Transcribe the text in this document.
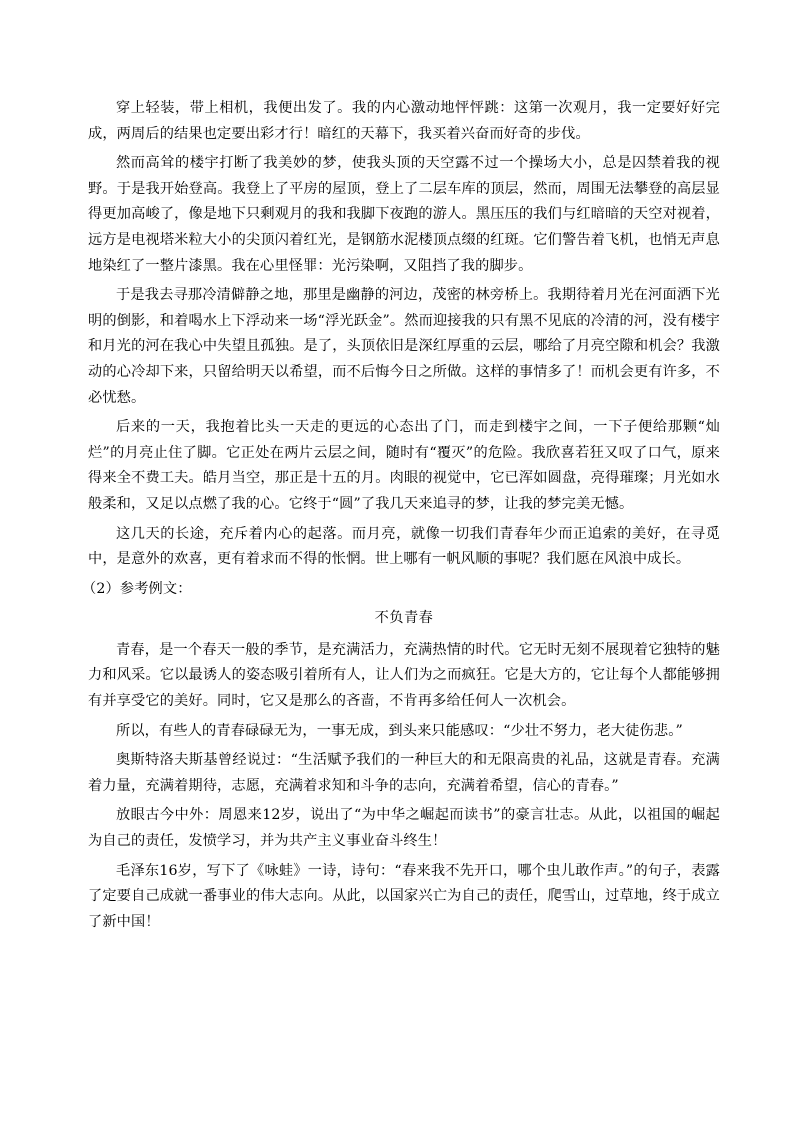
穿上轻装，带上相机，我便出发了。我的内心激动地怦怦跳：这第一次观月，我一定要好好完成，两周后的结果也定要出彩才行！暗红的天幕下，我买着兴奋而好奇的步伐。

然而高耸的楼宇打断了我美妙的梦，使我头顶的天空露不过一个操场大小，总是囚禁着我的视野。于是我开始登高。我登上了平房的屋顶，登上了二层车库的顶层，然而，周围无法攀登的高层显得更加高峻了，像是地下只剩观月的我和我脚下夜跑的游人。黑压压的我们与红暗暗的天空对视着，远方是电视塔米粒大小的尖顶闪着红光，是钢筋水泥楼顶点缀的红斑。它们警告着飞机，也悄无声息地染红了一整片漆黑。我在心里怪罪：光污染啊，又阻挡了我的脚步。

于是我去寻那冷清僻静之地，那里是幽静的河边，茂密的林旁桥上。我期待着月光在河面洒下光明的倒影，和着喝水上下浮动来一场“浮光跃金”。然而迎接我的只有黑不见底的冷清的河，没有楼宇和月光的河在我心中失望且孤独。是了，头顶依旧是深红厚重的云层，哪给了月亮空隙和机会？我激动的心冷却下来，只留给明天以希望，而不后悔今日之所做。这样的事情多了！而机会更有许多，不必忧愁。

后来的一天，我抱着比头一天走的更远的心态出了门，而走到楼宇之间，一下子便给那颗“灿烂”的月亮止住了脚。它正处在两片云层之间，随时有“覆灭”的危险。我欣喜若狂又叹了口气，原来得来全不费工夫。皓月当空，那正是十五的月。肉眼的视觉中，它已浑如圆盘，亮得璀璨；月光如水般柔和，又足以点燃了我的心。它终于“圆”了我几天来追寻的梦，让我的梦完美无憾。

这几天的长途，充斥着内心的起落。而月亮，就像一切我们青春年少而正追索的美好，在寻觅中，是意外的欢喜，更有着求而不得的怅惘。世上哪有一帆风顺的事呢？我们愿在风浪中成长。

（2）参考例文：

不负青春

青春，是一个春天一般的季节，是充满活力，充满热情的时代。它无时无刻不展现着它独特的魅力和风采。它以最诱人的姿态吸引着所有人，让人们为之而疯狂。它是大方的，它让每个人都能够拥有并享受它的美好。同时，它又是那么的吝啬，不肯再多给任何人一次机会。

所以，有些人的青春碌碌无为，一事无成，到头来只能感叹：“少壮不努力，老大徒伤悲。”

奥斯特洛夫斯基曾经说过：“生活赋予我们的一种巨大的和无限高贵的礼品，这就是青春。充满着力量，充满着期待，志愿，充满着求知和斗争的志向，充满着希望，信心的青春。”

放眼古今中外：周恩来12岁，说出了“为中华之崛起而读书”的豪言壮志。从此，以祖国的崛起为自己的责任，发愤学习，并为共产主义事业奋斗终生！

毛泽东16岁，写下了《咏蛙》一诗，诗句：“春来我不先开口，哪个虫儿敢作声。”的句子，表露了定要自己成就一番事业的伟大志向。从此，以国家兴亡为自己的责任，爬雪山，过草地，终于成立了新中国！
